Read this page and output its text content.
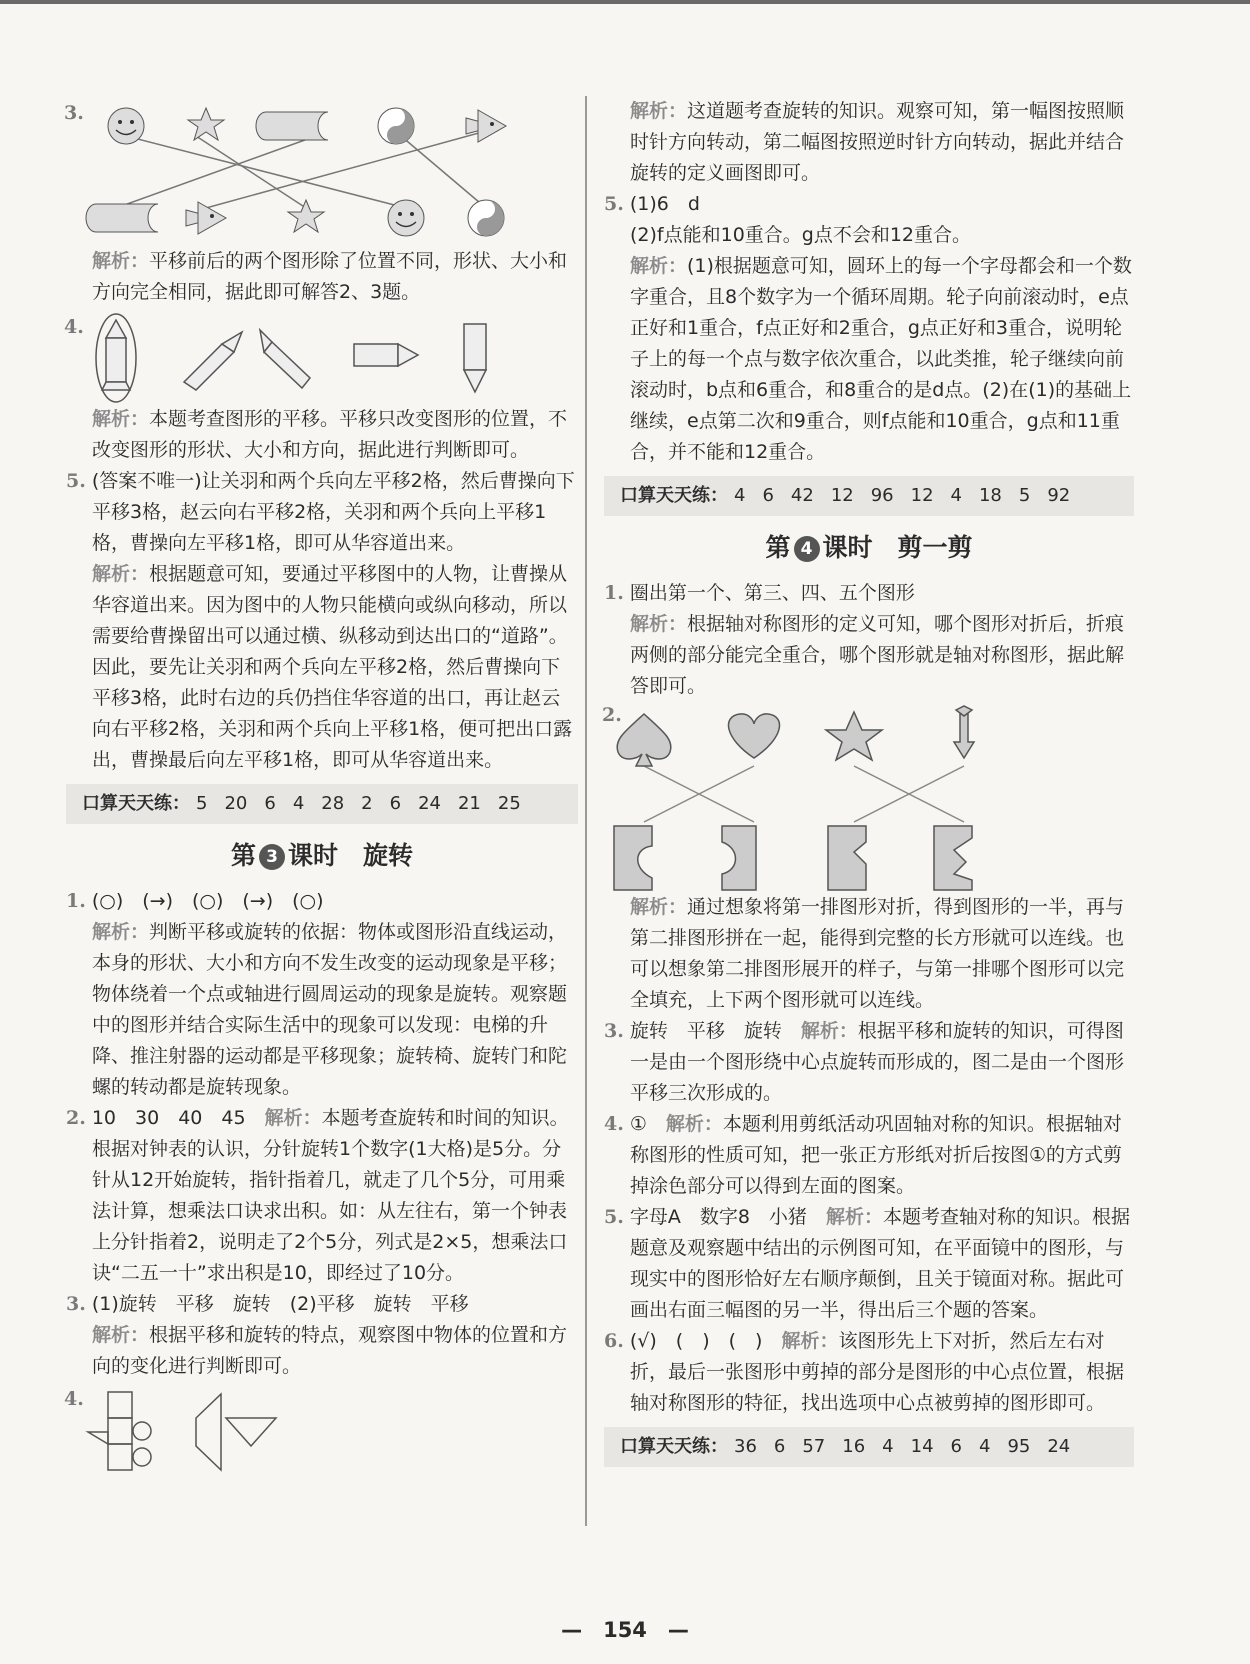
3.

解析：平移前后的两个图形除了位置不同，形状、大小和方向完全相同，据此即可解答2、3题。

4.

解析：本题考查图形的平移。平移只改变图形的位置，不改变图形的形状、大小和方向，据此进行判断即可。

5. (答案不唯一)让关羽和两个兵向左平移2格，然后曹操向下平移3格，赵云向右平移2格，关羽和两个兵向上平移1格，曹操向左平移1格，即可从华容道出来。

解析：根据题意可知，要通过平移图中的人物，让曹操从华容道出来。因为图中的人物只能横向或纵向移动，所以需要给曹操留出可以通过横、纵移动到达出口的“道路”。因此，要先让关羽和两个兵向左平移2格，然后曹操向下平移3格，此时右边的兵仍挡住华容道的出口，再让赵云向右平移2格，关羽和两个兵向上平移1格，便可把出口露出，曹操最后向左平移1格，即可从华容道出来。

口算天天练： 5 20 6 4 28 2 6 24 21 25
第 3 课时　旋转

1. (○)　(→)　(○)　(→)　(○)

解析：判断平移或旋转的依据：物体或图形沿直线运动，本身的形状、大小和方向不发生改变的运动现象是平移；物体绕着一个点或轴进行圆周运动的现象是旋转。观察题中的图形并结合实际生活中的现象可以发现：电梯的升降、推注射器的运动都是平移现象；旋转椅、旋转门和陀螺的转动都是旋转现象。

2. 10　30　40　45　 解析：本题考查旋转和时间的知识。根据对钟表的认识，分针旋转1个数字(1大格)是5分。分针从12开始旋转，指针指着几，就走了几个5分，可用乘法计算，想乘法口诀求出积。如：从左往右，第一个钟表上分针指着2，说明走了2个5分，列式是2×5，想乘法口诀“二五一十”求出积是10，即经过了10分。

3. (1)旋转　平移　旋转　(2)平移　旋转　平移

解析：根据平移和旋转的特点，观察图中物体的位置和方向的变化进行判断即可。

4.

解析：这道题考查旋转的知识。观察可知，第一幅图按照顺时针方向转动，第二幅图按照逆时针方向转动，据此并结合旋转的定义画图即可。

5. (1)6　d

(2)f点能和10重合。g点不会和12重合。

解析：(1)根据题意可知，圆环上的每一个字母都会和一个数字重合，且8个数字为一个循环周期。轮子向前滚动时，e点正好和1重合，f点正好和2重合，g点正好和3重合，说明轮子上的每一个点与数字依次重合，以此类推，轮子继续向前滚动时，b点和6重合，和8重合的是d点。(2)在(1)的基础上继续，e点第二次和9重合，则f点能和10重合，g点和11重合，并不能和12重合。

口算天天练： 4 6 42 12 96 12 4 18 5 92
第 4 课时　剪一剪

1. 圈出第一个、第三、四、五个图形

解析：根据轴对称图形的定义可知，哪个图形对折后，折痕两侧的部分能完全重合，哪个图形就是轴对称图形，据此解答即可。

2.

解析：通过想象将第一排图形对折，得到图形的一半，再与第二排图形拼在一起，能得到完整的长方形就可以连线。也可以想象第二排图形展开的样子，与第一排哪个图形可以完全填充，上下两个图形就可以连线。

3. 旋转　平移　旋转　 解析：根据平移和旋转的知识，可得图一是由一个图形绕中心点旋转而形成的，图二是由一个图形平移三次形成的。

4. ①　 解析：本题利用剪纸活动巩固轴对称的知识。根据轴对称图形的性质可知，把一张正方形纸对折后按图①的方式剪掉涂色部分可以得到左面的图案。

5. 字母A　数字8　小猪　 解析：本题考查轴对称的知识。根据题意及观察题中结出的示例图可知，在平面镜中的图形，与现实中的图形恰好左右顺序颠倒，且关于镜面对称。据此可画出右面三幅图的另一半，得出后三个题的答案。

6. (√)　(　)　(　)　 解析：该图形先上下对折，然后左右对折，最后一张图形中剪掉的部分是图形的中心点位置，根据轴对称图形的特征，找出选项中心点被剪掉的图形即可。

口算天天练： 36 6 57 16 4 14 6 4 95 24
—　154　—
